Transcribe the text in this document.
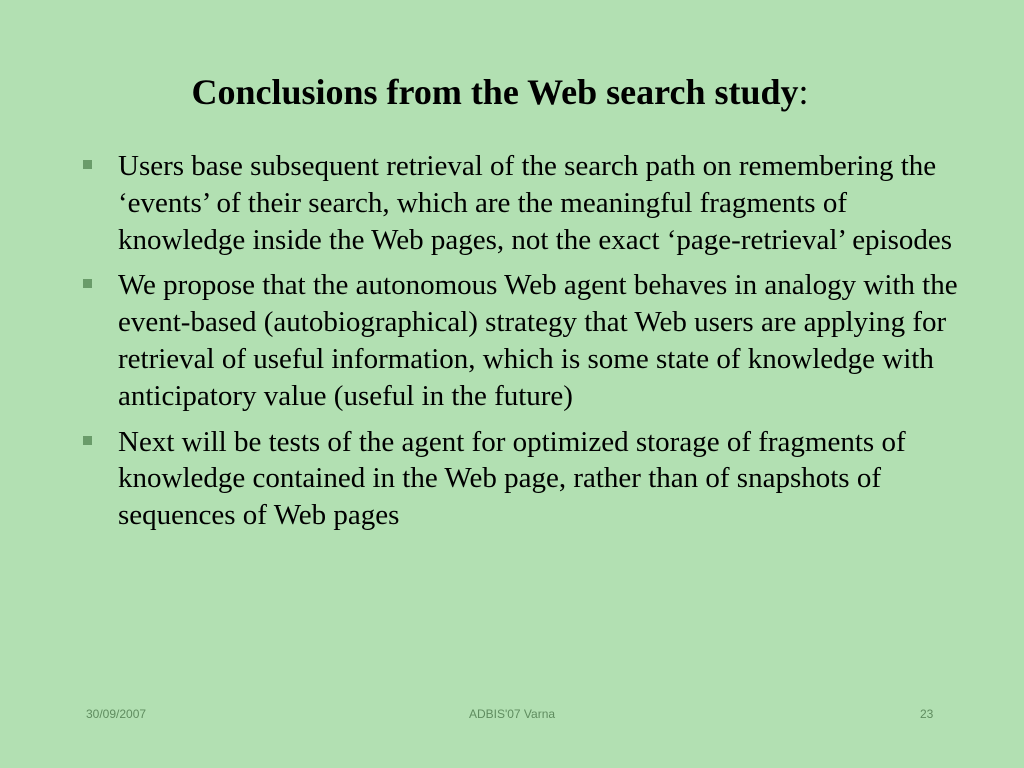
Conclusions from the Web search study:
Users base subsequent retrieval of the search path on remembering the ‘events’ of their search, which are the meaningful fragments of knowledge inside the Web pages, not the exact ‘page-retrieval’ episodes
We propose that the autonomous Web agent behaves in analogy with the event-based (autobiographical) strategy that Web users are applying for retrieval of useful information, which is some state of knowledge with anticipatory value (useful in the future)
Next will be tests of the agent for optimized storage of fragments of knowledge contained in the Web page, rather than of snapshots of sequences of Web pages
30/09/2007	ADBIS'07 Varna	23
